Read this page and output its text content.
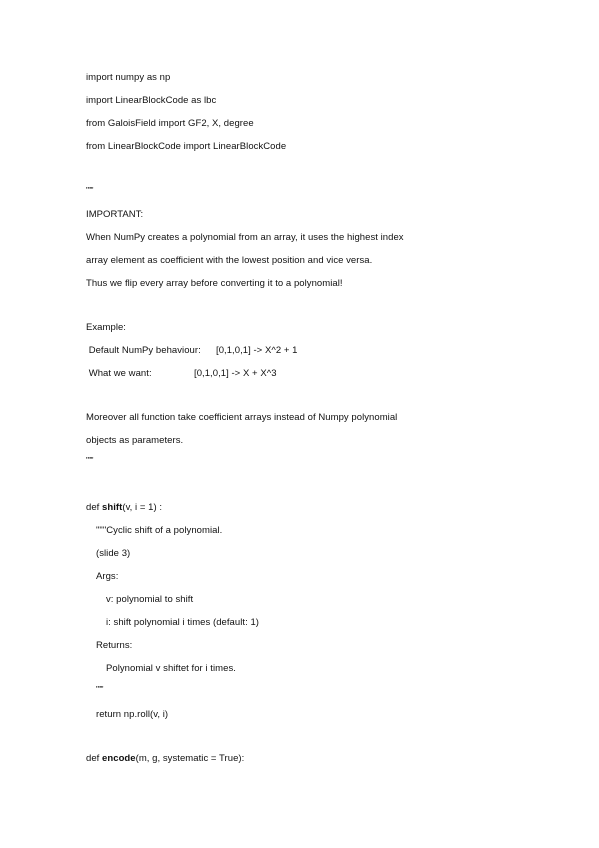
import numpy as np
import LinearBlockCode as lbc
from GaloisField import GF2, X, degree
from LinearBlockCode import LinearBlockCode
"""
IMPORTANT:
When NumPy creates a polynomial from an array, it uses the highest index
array element as coefficient with the lowest position and vice versa.
Thus we flip every array before converting it to a polynomial!
Example:
Default NumPy behaviour: [0,1,0,1] -> X^2 + 1
What we want:	[0,1,0,1] -> X + X^3
Moreover all function take coefficient arrays instead of Numpy polynomial
objects as parameters.
"""
def shift(v, i = 1) :
"""Cyclic shift of a polynomial.
(slide 3)
Args:
v: polynomial to shift
i: shift polynomial i times (default: 1)
Returns:
Polynomial v shiftet for i times.
"""
return np.roll(v, i)
def encode(m, g, systematic = True):
